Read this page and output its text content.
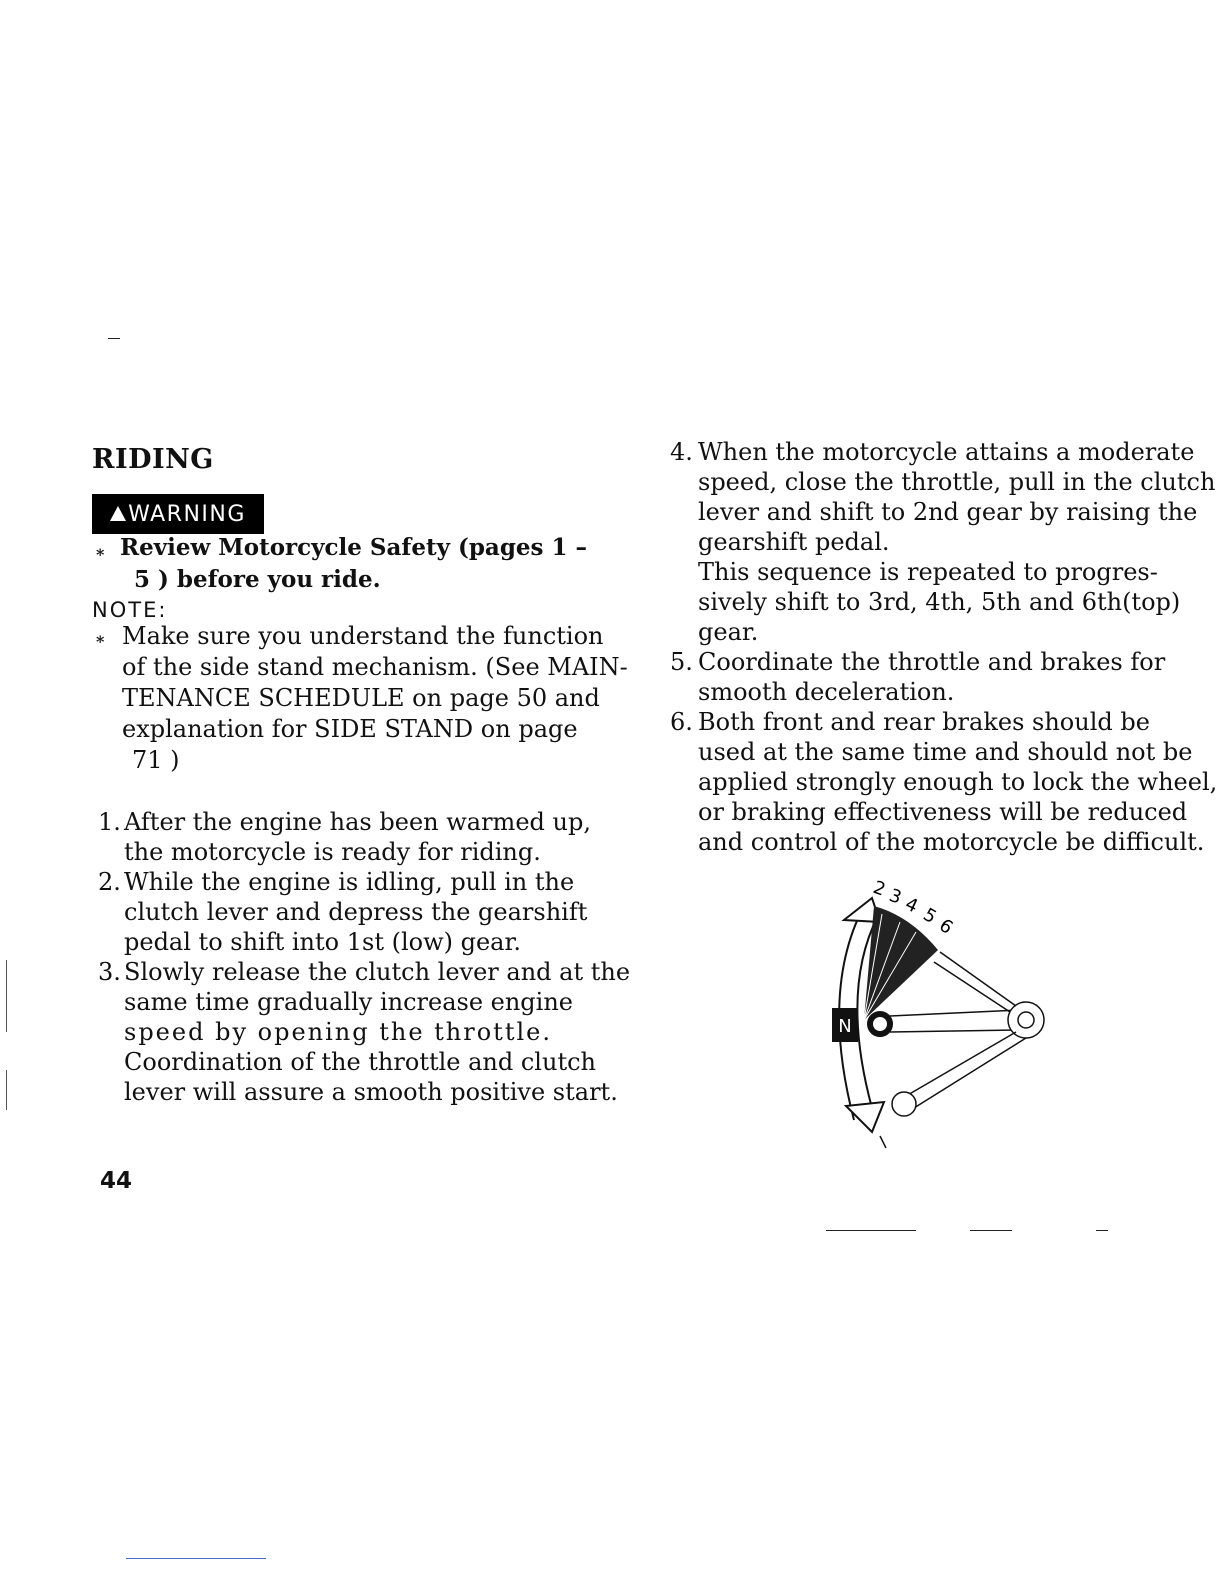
RIDING
WARNING
* Review Motorcycle Safety (pages 1 –
5 ) before you ride.
NOTE:
* Make sure you understand the function
of the side stand mechanism. (See MAIN-
TENANCE SCHEDULE on page 50 and
explanation for SIDE STAND on page
71 )
1. After the engine has been warmed up,
the motorcycle is ready for riding.
2. While the engine is idling, pull in the
clutch lever and depress the gearshift
pedal to shift into 1st (low) gear.
3. Slowly release the clutch lever and at the
same time gradually increase engine
speed by opening the throttle.
Coordination of the throttle and clutch
lever will assure a smooth positive start.
4. When the motorcycle attains a moderate
speed, close the throttle, pull in the clutch
lever and shift to 2nd gear by raising the
gearshift pedal.
This sequence is repeated to progres-
sively shift to 3rd, 4th, 5th and 6th(top)
gear.
5. Coordinate the throttle and brakes for
smooth deceleration.
6. Both front and rear brakes should be
used at the same time and should not be
applied strongly enough to lock the wheel,
or braking effectiveness will be reduced
and control of the motorcycle be difficult.
2
3
4
5
6
N
44
